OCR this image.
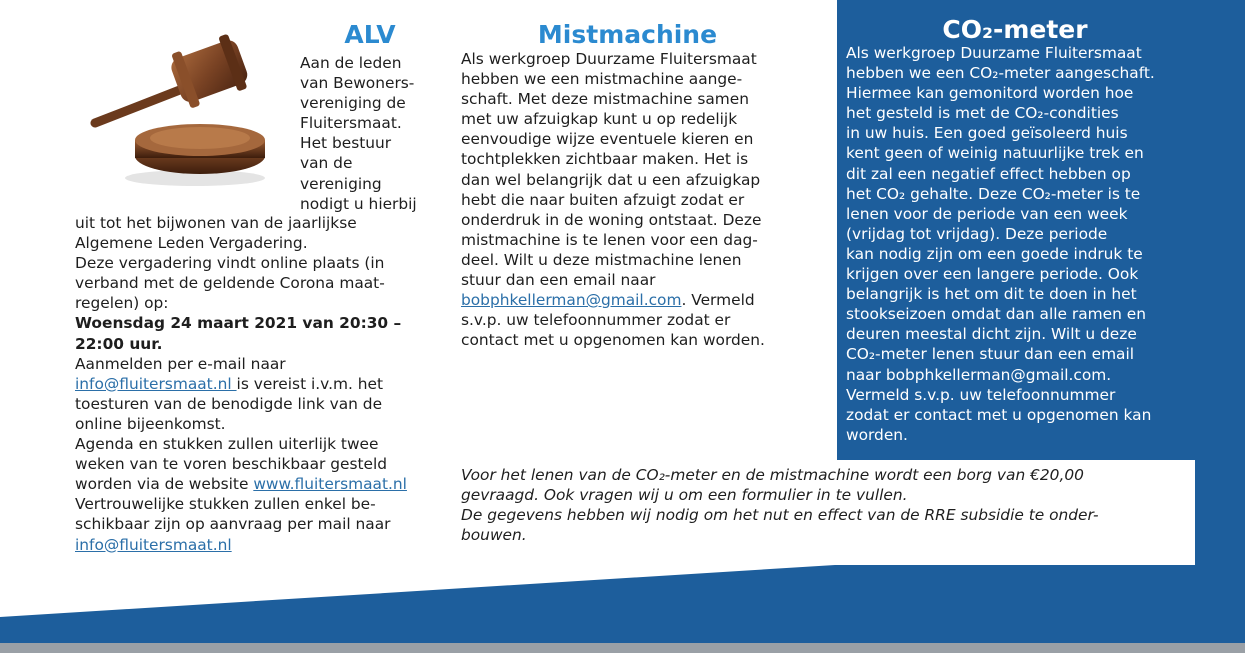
ALV
Aan de leden
van Bewoners-
vereniging de
Fluitersmaat.
Het bestuur
van de
vereniging
nodigt u hierbij
uit tot het bijwonen van de jaarlijkse
Algemene Leden Vergadering.
Deze vergadering vindt online plaats (in
verband met de geldende Corona maat-
regelen) op:
Woensdag 24 maart 2021 van 20:30 –
22:00 uur.
Aanmelden per e-mail naar
info@fluitersmaat.nl is vereist i.v.m. het
toesturen van de benodigde link van de
online bijeenkomst.
Agenda en stukken zullen uiterlijk twee
weken van te voren beschikbaar gesteld
worden via de website www.fluitersmaat.nl
Vertrouwelijke stukken zullen enkel be-
schikbaar zijn op aanvraag per mail naar
info@fluitersmaat.nl
Mistmachine
Als werkgroep Duurzame Fluitersmaat
hebben we een mistmachine aange-
schaft. Met deze mistmachine samen
met uw afzuigkap kunt u op redelijk
eenvoudige wijze eventuele kieren en
tochtplekken zichtbaar maken. Het is
dan wel belangrijk dat u een afzuigkap
hebt die naar buiten afzuigt zodat er
onderdruk in de woning ontstaat. Deze
mistmachine is te lenen voor een dag-
deel. Wilt u deze mistmachine lenen
stuur dan een email naar
bobphkellerman@gmail.com. Vermeld
s.v.p. uw telefoonnummer zodat er
contact met u opgenomen kan worden.
CO₂-meter
Als werkgroep Duurzame Fluitersmaat
hebben we een CO₂-meter aangeschaft.
Hiermee kan gemonitord worden hoe
het gesteld is met de CO₂-condities
in uw huis. Een goed geïsoleerd huis
kent geen of weinig natuurlijke trek en
dit zal een negatief effect hebben op
het CO₂ gehalte. Deze CO₂-meter is te
lenen voor de periode van een week
(vrijdag tot vrijdag). Deze periode
kan nodig zijn om een goede indruk te
krijgen over een langere periode. Ook
belangrijk is het om dit te doen in het
stookseizoen omdat dan alle ramen en
deuren meestal dicht zijn. Wilt u deze
CO₂-meter lenen stuur dan een email
naar bobphkellerman@gmail.com.
Vermeld s.v.p. uw telefoonnummer
zodat er contact met u opgenomen kan
worden.
Voor het lenen van de CO₂-meter en de mistmachine wordt een borg van €20,00
gevraagd. Ook vragen wij u om een formulier in te vullen.
De gegevens hebben wij nodig om het nut en effect van de RRE subsidie te onder-
bouwen.
